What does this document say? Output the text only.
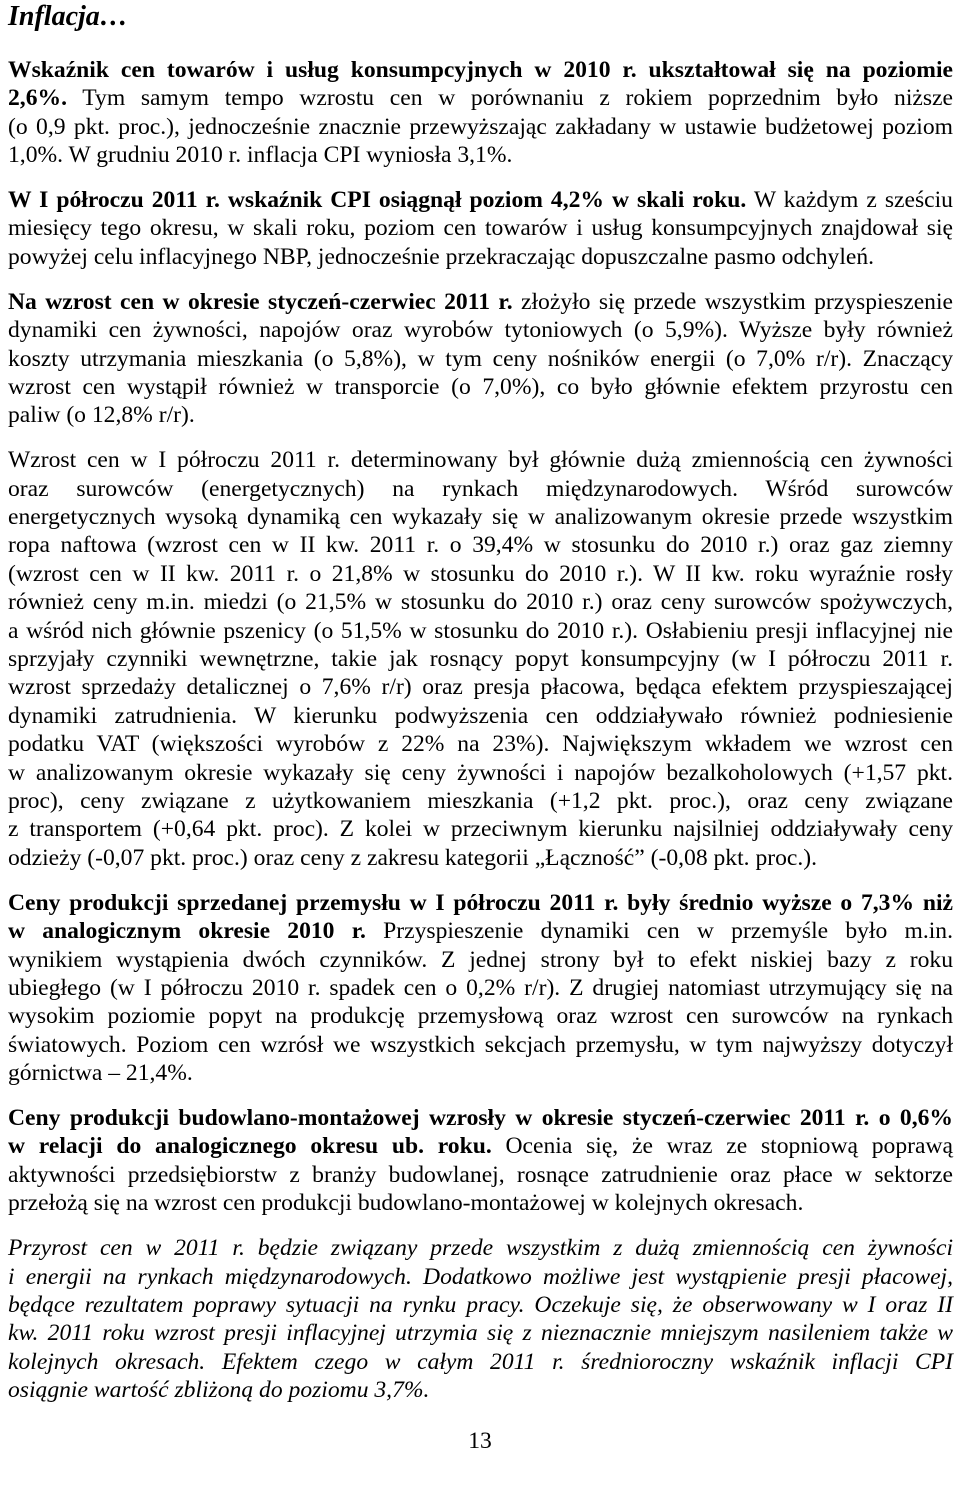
Inflacja…
Wskaźnik cen towarów i usług konsumpcyjnych w 2010 r. ukształtował się na poziomie
2,6%. Tym samym tempo wzrostu cen w porównaniu z rokiem poprzednim było niższe
(o 0,9 pkt. proc.), jednocześnie znacznie przewyższając zakładany w ustawie budżetowej poziom
1,0%. W grudniu 2010 r. inflacja CPI wyniosła 3,1%.
W I półroczu 2011 r. wskaźnik CPI osiągnął poziom 4,2% w skali roku. W każdym z sześciu
miesięcy tego okresu, w skali roku, poziom cen towarów i usług konsumpcyjnych znajdował się
powyżej celu inflacyjnego NBP, jednocześnie przekraczając dopuszczalne pasmo odchyleń.
Na wzrost cen w okresie styczeń-czerwiec 2011 r. złożyło się przede wszystkim przyspieszenie
dynamiki cen żywności, napojów oraz wyrobów tytoniowych (o 5,9%). Wyższe były również
koszty utrzymania mieszkania (o 5,8%), w tym ceny nośników energii (o 7,0% r/r). Znaczący
wzrost cen wystąpił również w transporcie (o 7,0%), co było głównie efektem przyrostu cen
paliw (o 12,8% r/r).
Wzrost cen w I półroczu 2011 r. determinowany był głównie dużą zmiennością cen żywności
oraz surowców (energetycznych) na rynkach międzynarodowych. Wśród surowców
energetycznych wysoką dynamiką cen wykazały się w analizowanym okresie przede wszystkim
ropa naftowa (wzrost cen w II kw. 2011 r. o 39,4% w stosunku do 2010 r.) oraz gaz ziemny
(wzrost cen w II kw. 2011 r. o 21,8% w stosunku do 2010 r.). W II kw. roku wyraźnie rosły
również ceny m.in. miedzi (o 21,5% w stosunku do 2010 r.) oraz ceny surowców spożywczych,
a wśród nich głównie pszenicy (o 51,5% w stosunku do 2010 r.). Osłabieniu presji inflacyjnej nie
sprzyjały czynniki wewnętrzne, takie jak rosnący popyt konsumpcyjny (w I półroczu 2011 r.
wzrost sprzedaży detalicznej o 7,6% r/r) oraz presja płacowa, będąca efektem przyspieszającej
dynamiki zatrudnienia. W kierunku podwyższenia cen oddziaływało również podniesienie
podatku VAT (większości wyrobów z 22% na 23%). Największym wkładem we wzrost cen
w analizowanym okresie wykazały się ceny żywności i napojów bezalkoholowych (+1,57 pkt.
proc), ceny związane z użytkowaniem mieszkania (+1,2 pkt. proc.), oraz ceny związane
z transportem (+0,64 pkt. proc). Z kolei w przeciwnym kierunku najsilniej oddziaływały ceny
odzieży (-0,07 pkt. proc.) oraz ceny z zakresu kategorii „Łączność” (-0,08 pkt. proc.).
Ceny produkcji sprzedanej przemysłu w I półroczu 2011 r. były średnio wyższe o 7,3% niż
w analogicznym okresie 2010 r. Przyspieszenie dynamiki cen w przemyśle było m.in.
wynikiem wystąpienia dwóch czynników. Z jednej strony był to efekt niskiej bazy z roku
ubiegłego (w I półroczu 2010 r. spadek cen o 0,2% r/r). Z drugiej natomiast utrzymujący się na
wysokim poziomie popyt na produkcję przemysłową oraz wzrost cen surowców na rynkach
światowych. Poziom cen wzrósł we wszystkich sekcjach przemysłu, w tym najwyższy dotyczył
górnictwa – 21,4%.
Ceny produkcji budowlano-montażowej wzrosły w okresie styczeń-czerwiec 2011 r. o 0,6%
w relacji do analogicznego okresu ub. roku. Ocenia się, że wraz ze stopniową poprawą
aktywności przedsiębiorstw z branży budowlanej, rosnące zatrudnienie oraz płace w sektorze
przełożą się na wzrost cen produkcji budowlano-montażowej w kolejnych okresach.
Przyrost cen w 2011 r. będzie związany przede wszystkim z dużą zmiennością cen żywności
i energii na rynkach międzynarodowych. Dodatkowo możliwe jest wystąpienie presji płacowej,
będące rezultatem poprawy sytuacji na rynku pracy. Oczekuje się, że obserwowany w I oraz II
kw. 2011 roku wzrost presji inflacyjnej utrzymia się z nieznacznie mniejszym nasileniem także w
kolejnych okresach. Efektem czego w całym 2011 r. średnioroczny wskaźnik inflacji CPI
osiągnie wartość zbliżoną do poziomu 3,7%.
13
